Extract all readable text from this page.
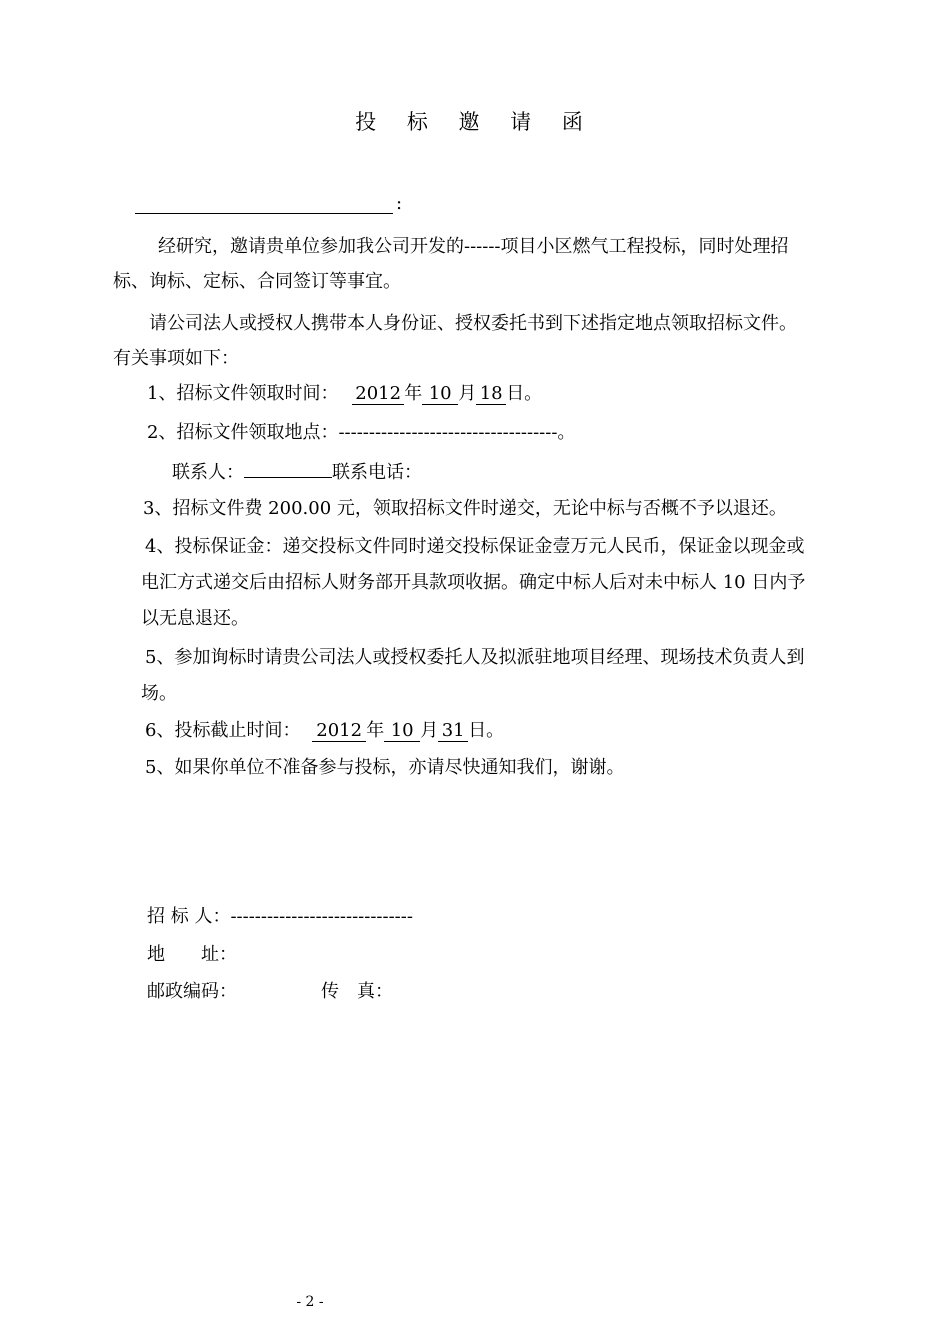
投 标 邀 请 函
:
经研究，邀请贵单位参加我公司开发的------项目小区燃气工程投标，同时处理招
标、询标、定标、合同签订等事宜。
请公司法人或授权人携带本人身份证、授权委托书到下述指定地点领取招标文件。
有关事项如下：
1、招标文件领取时间： 2012 年 10 月 18 日。
2、招标文件领取地点：------------------------------------。
联系人：	联系电话：
3、招标文件费 200.00 元，领取招标文件时递交，无论中标与否概不予以退还。
4、投标保证金：递交投标文件同时递交投标保证金壹万元人民币，保证金以现金或
电汇方式递交后由招标人财务部开具款项收据。确定中标人后对未中标人 10 日内予
以无息退还。
5、参加询标时请贵公司法人或授权委托人及拟派驻地项目经理、现场技术负责人到
场。
6、投标截止时间： 2012 年 10 月 31 日。
5、如果你单位不准备参与投标，亦请尽快通知我们，谢谢。
招 标 人：------------------------------
地　　址：
邮政编码：	传　真：
- 2 -
